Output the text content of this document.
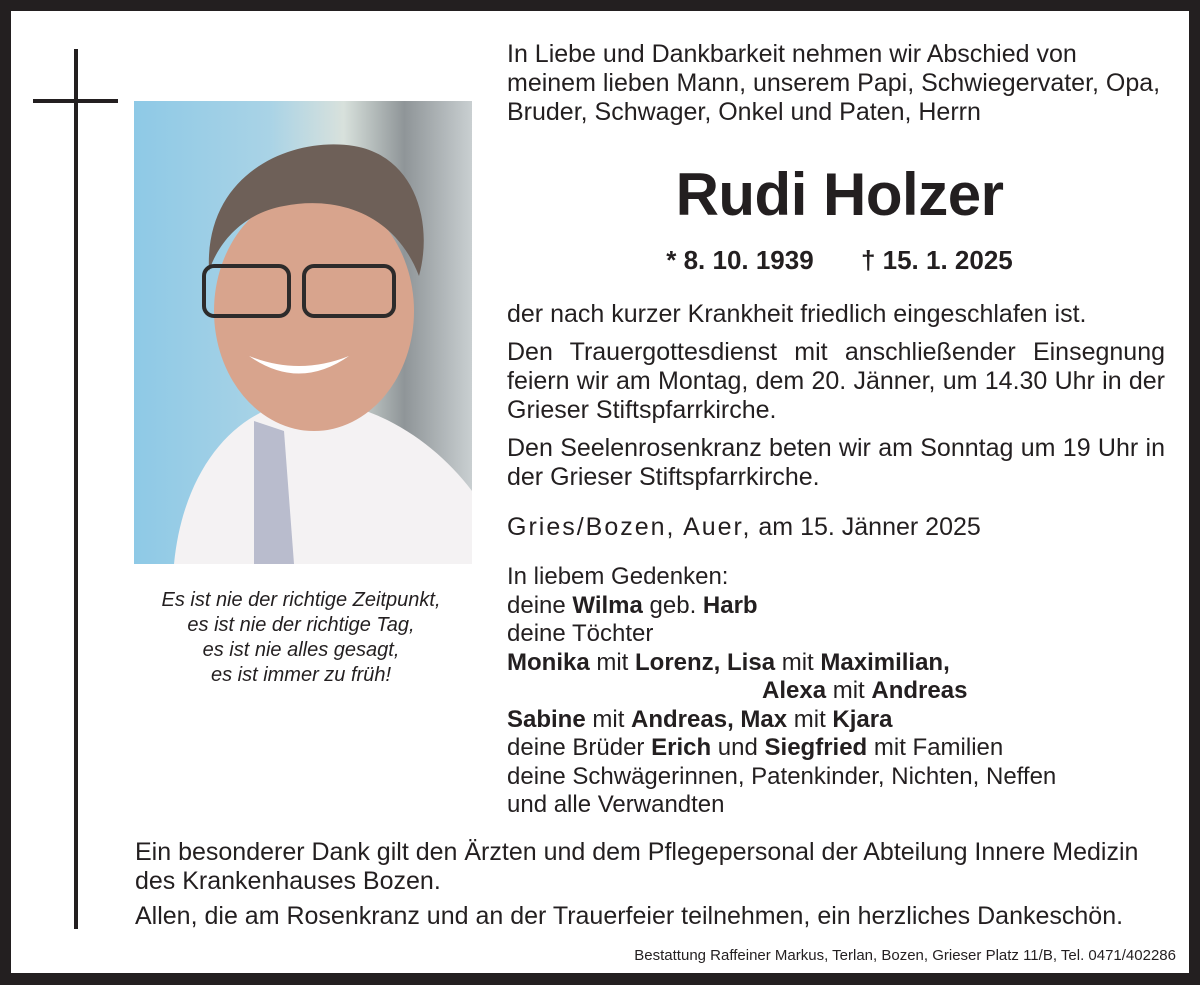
Es ist nie der richtige Zeitpunkt,
es ist nie der richtige Tag,
es ist nie alles gesagt,
es ist immer zu früh!
In Liebe und Dankbarkeit nehmen wir Abschied von meinem lieben Mann, unserem Papi, Schwiegervater, Opa, Bruder, Schwager, Onkel und Paten, Herrn
Rudi Holzer
* 8. 10. 1939 † 15. 1. 2025

der nach kurzer Krankheit friedlich eingeschlafen ist.

Den Trauergottesdienst mit anschließender Einsegnung feiern wir am Montag, dem 20. Jänner, um 14.30 Uhr in der Grieser Stiftspfarrkirche.

Den Seelenrosenkranz beten wir am Sonntag um 19 Uhr in der Grieser Stiftspfarrkirche.

Gries/Bozen, Auer, am 15. Jänner 2025
In liebem Gedenken:
deine Wilma geb. Harb
deine Töchter
Monika mit Lorenz, Lisa mit Maximilian,
Alexa mit Andreas
Sabine mit Andreas, Max mit Kjara
deine Brüder Erich und Siegfried mit Familien
deine Schwägerinnen, Patenkinder, Nichten, Neffen
und alle Verwandten

Ein besonderer Dank gilt den Ärzten und dem Pflegepersonal der Abteilung Innere Medizin des Krankenhauses Bozen.

Allen, die am Rosenkranz und an der Trauerfeier teilnehmen, ein herzliches Dankeschön.

Bestattung Raffeiner Markus, Terlan, Bozen, Grieser Platz 11/B, Tel. 0471/402286
